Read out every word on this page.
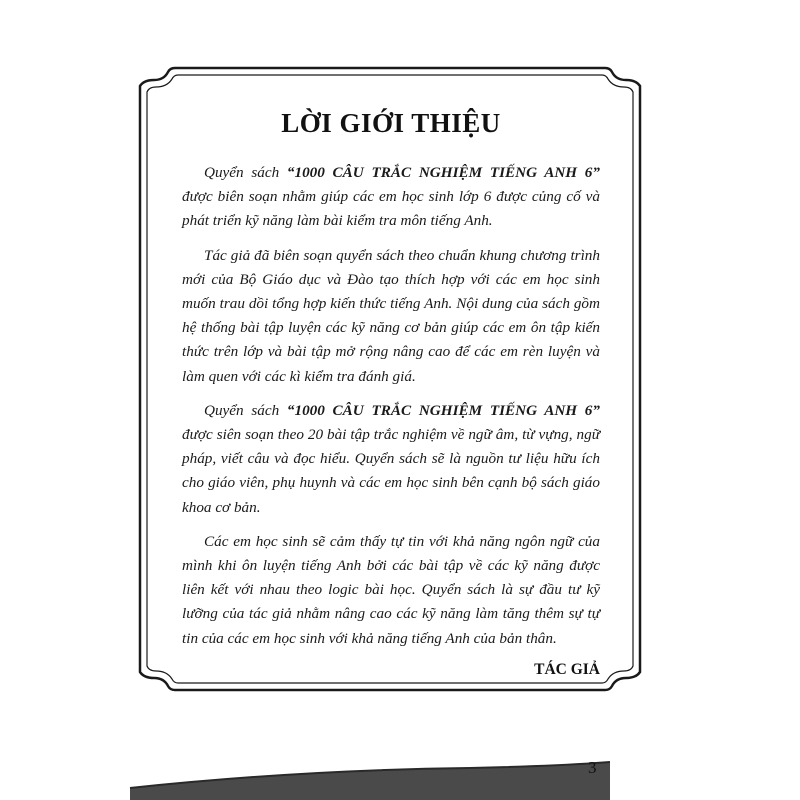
LỜI GIỚI THIỆU

Quyển sách “1000 CÂU TRẮC NGHIỆM TIẾNG ANH 6” được biên soạn nhằm giúp các em học sinh lớp 6 được củng cố và phát triển kỹ năng làm bài kiểm tra môn tiếng Anh.

Tác giả đã biên soạn quyển sách theo chuẩn khung chương trình mới của Bộ Giáo dục và Đào tạo thích hợp với các em học sinh muốn trau dồi tổng hợp kiến thức tiếng Anh. Nội dung của sách gồm hệ thống bài tập luyện các kỹ năng cơ bản giúp các em ôn tập kiến thức trên lớp và bài tập mở rộng nâng cao để các em rèn luyện và làm quen với các kì kiểm tra đánh giá.

Quyển sách “1000 CÂU TRẮC NGHIỆM TIẾNG ANH 6” được siên soạn theo 20 bài tập trắc nghiệm về ngữ âm, từ vựng, ngữ pháp, viết câu và đọc hiểu. Quyển sách sẽ là nguồn tư liệu hữu ích cho giáo viên, phụ huynh và các em học sinh bên cạnh bộ sách giáo khoa cơ bản.

Các em học sinh sẽ cảm thấy tự tin với khả năng ngôn ngữ của mình khi ôn luyện tiếng Anh bởi các bài tập về các kỹ năng được liên kết với nhau theo logic bài học. Quyển sách là sự đầu tư kỹ lưỡng của tác giả nhằm nâng cao các kỹ năng làm tăng thêm sự tự tin của các em học sinh với khả năng tiếng Anh của bản thân.

TÁC GIẢ
3
